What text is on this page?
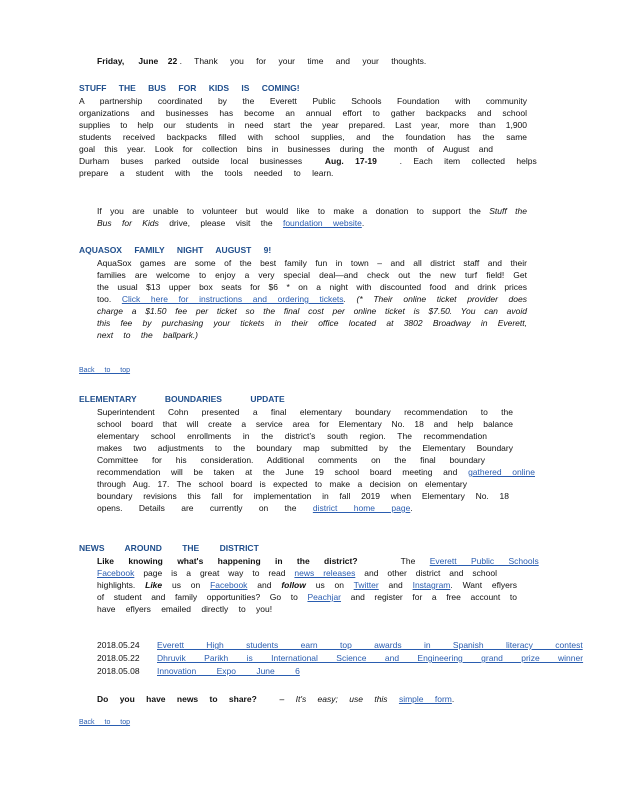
Friday, June 22 . Thank you for your time and your thoughts.
STUFF THE BUS FOR KIDS IS COMING!
A partnership coordinated by the Everett Public Schools Foundation with community
organizations and businesses has become an annual effort to gather backpacks and school
supplies to help our students in need start the year prepared. Last year, more than 1,900
students received backpacks filled with school supplies, and the foundation has the same
goal this year. Look for collection bins in businesses during the month of August and
Durham buses parked outside local businesses	Aug. 17-19	. Each item collected helps
prepare a student with the tools needed to learn.
If you are unable to volunteer but would like to make a donation to support the Stuff the
Bus for Kids drive, please visit the foundation website.
AQUASOX FAMILY NIGHT AUGUST 9!
AquaSox games are some of the best family fun in town – and all district staff and their
families are welcome to enjoy a very special deal—and check out the new turf field! Get
the usual $13 upper box seats for $6 * on a night with discounted food and drink prices
too. Click here for instructions and ordering tickets. (* Their online ticket provider does
charge a $1.50 fee per ticket so the final cost per online ticket is $7.50. You can avoid
this fee by purchasing your tickets in their office located at 3802 Broadway in Everett,
next to the ballpark.)
Back to top
ELEMENTARY BOUNDARIES UPDATE
Superintendent Cohn presented a final elementary boundary recommendation to the
school board that will create a service area for Elementary No. 18 and help balance
elementary school enrollments in the district’s south region. The recommendation
makes two adjustments to the boundary map submitted by the Elementary Boundary
Committee for his consideration. Additional comments on the final boundary
recommendation will be taken at the June 19 school board meeting and gathered online
through Aug. 17. The school board is expected to make a decision on elementary
boundary revisions this fall for implementation in fall 2019 when Elementary No. 18
opens. Details are currently on the district home page.
NEWS AROUND THE DISTRICT
Like knowing what's happening in the district?	The Everett Public Schools
Facebook page is a great way to read news releases and other district and school
highlights. Like us on Facebook and follow us on Twitter and Instagram. Want eflyers
of student and family opportunities? Go to Peachjar and register for a free account to
have eflyers emailed directly to you!
2018.05.24 Everett High students earn top awards in Spanish literacy contest
2018.05.22 Dhruvik Parikh is International Science and Engineering grand prize winner
2018.05.08 Innovation Expo June 6
Do you have news to share?	– It's easy; use this simple form.
Back to top
